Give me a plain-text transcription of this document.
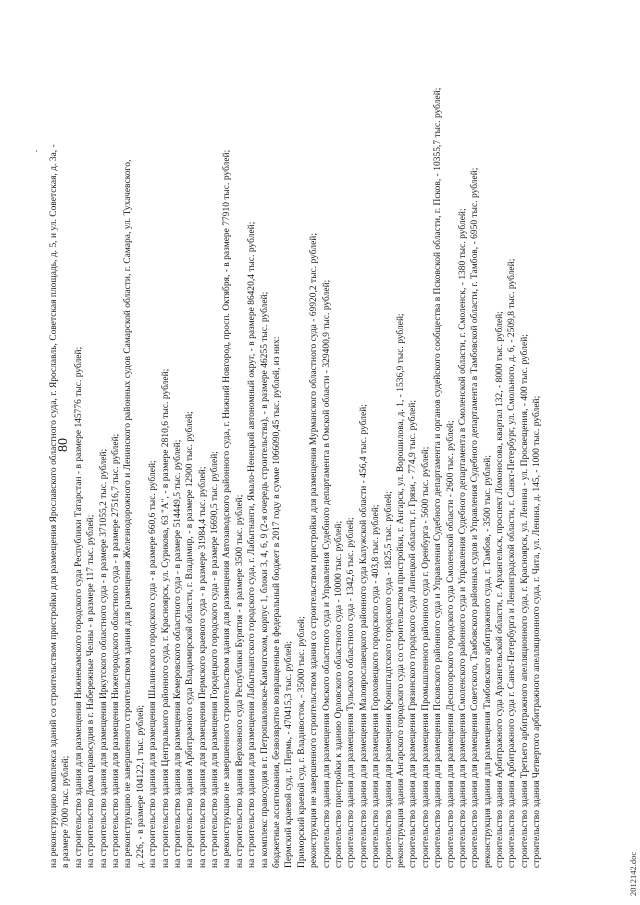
80
на реконструкцию комплекса зданий со строительством пристройки для размещения Ярославского областного суда, г. Ярославль, Советская площадь, д. 5, и ул. Советская, д. 3а, - в размере 7000 тыс. рублей; на строительство здания для размещения Нижнекамского городского суда Республики Татарстан - в размере 145776 тыс. рублей; на строительство Дома правосудия в г. Набережные Челны - в размере 117 тыс. рублей; на строительство здания для размещения Иркутского областного суда - в размере 371055,2 тыс. рублей; на строительство здания для размещения Нижегородского областного суда - в размере 27516,7 тыс. рублей; на реконструкцию не завершенного строительством здания для размещения Железнодорожного и Ленинского районных судов Самарской области, г. Самара, ул. Тухачевского, д. 226, - в размере 104122,1 тыс. рублей; на строительство здания для размещения Шалинского городского суда - в размере 660,6 тыс. рублей; на строительство здания Центрального районного суда, г. Красноярск, ул. Сурикова, 63 "А", - в размере 2810,6 тыс. рублей; на строительство здания для размещения Кемеровского областного суда - в размере 514449,5 тыс. рублей; на строительство здания Арбитражного суда Владимирской области, г. Владимир, - в размере 12900 тыс. рублей; на строительство здания для размещения Пермского краевого суда - в размере 31984,4 тыс. рублей; на строительство здания для размещения Городецкого городского суда - в размере 16690,5 тыс. рублей; на реконструкцию не завершенного строительством здания для размещения Автозаводского районного суда, г. Нижний Новгород, просп. Октября, - в размере 77910 тыс. рублей; на строительство здания Верховного суда Республики Бурятия - в размере 3500 тыс. рублей; на строительство здания для размещения Лабытнангского городского суда, г. Лабытнанги, Ямало-Ненецкий автономный округ, - в размере 86420,4 тыс. рублей; на комплекс правосудия в г. Петропавловске-Камчатском, корпус 1, блоки 3, 4, 6, 9 (2-я очередь строительства), - в размере 46255 тыс. рублей; бюджетные ассигнования, безвозвратно возвращенные в федеральный бюджет в 2017 году в сумме 1066090,45 тыс. рублей, из них: Пермский краевой суд, г. Пермь, - 470415,3 тыс. рублей; Приморский краевой суд, г. Владивосток, - 35000 тыс. рублей; реконструкция не завершенного строительством здания со строительством пристройки для размещения Мурманского областного суда - 69920,2 тыс. рублей; строительство здания для размещения Омского областного суда и Управления Судебного департамента в Омской области - 329400,9 тыс. рублей; строительство пристройки к зданию Орловского областного суда - 10000 тыс. рублей; строительство здания для размещения Тульского областного суда - 1342,6 тыс. рублей; строительство здания для размещения Малоярославецкого районного суда Калужской области - 456,4 тыс. рублей; строительство здания для размещения Гороховецкого городского суда - 403,8 тыс. рублей; строительство здания для размещения Кронштадтского городского суда - 1825,5 тыс. рублей; реконструкция здания Ангарского городского суда со строительством пристройки, г. Ангарск, ул. Ворошилова, д. 1, - 1536,9 тыс. рублей; строительство здания для размещения Грязинского городского суда Липецкой области, г. Грязи, - 774,9 тыс. рублей; строительство здания для размещения Промышленного районного суда г. Оренбурга - 5600 тыс. рублей; строительство здания для размещения Псковского районного суда и Управления Судебного департамента и органов судейского сообщества в Псковской области, г. Псков, - 10355,7 тыс. рублей; строительство здания для размещения Десногорского городского суда Смоленской области - 2600 тыс. рублей; строительство здания для размещения Смоленского районного суда и Управления Судебного департамента в Смоленской области, г. Смоленск, - 1380 тыс. рублей; строительство здания для размещения Советского, Тамбовского районных судов и Управления Судебного департамента в Тамбовской области, г. Тамбов, - 6950 тыс. рублей; реконструкция здания для размещения Тамбовского арбитражного суда, г. Тамбов, - 3500 тыс. рублей; строительство здания Арбитражного суда Архангельской области, г. Архангельск, проспект Ломоносова, квартал 132, - 8000 тыс. рублей; строительство здания Арбитражного суда г. Санкт-Петербурга и Ленинградской области, г. Санкт-Петербург, ул. Смольного, д. 6, - 2509,8 тыс. рублей; строительство здания Третьего арбитражного апелляционного суда, г. Красноярск, ул. Ленина - ул. Просвещения, - 400 тыс. рублей; строительство здания Четвертого арбитражного апелляционного суда, г. Чита, ул. Ленина, д. 145, - 1000 тыс. рублей;
2012142.doc
